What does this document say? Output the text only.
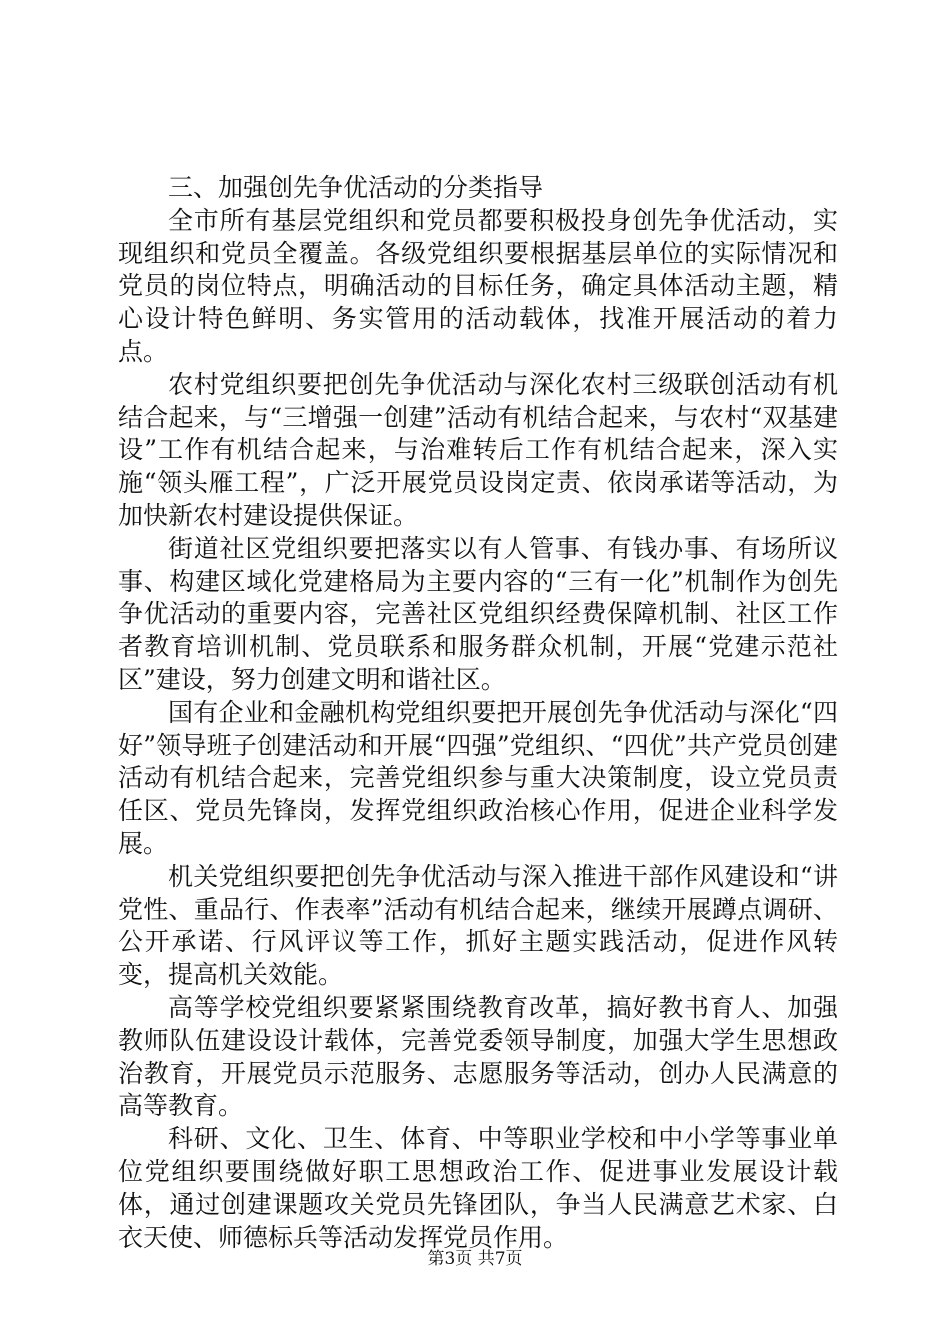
三、加强创先争优活动的分类指导

全市所有基层党组织和党员都要积极投身创先争优活动，实现组织和党员全覆盖。各级党组织要根据基层单位的实际情况和党员的岗位特点，明确活动的目标任务，确定具体活动主题，精心设计特色鲜明、务实管用的活动载体，找准开展活动的着力点。

农村党组织要把创先争优活动与深化农村三级联创活动有机结合起来，与“三增强一创建”活动有机结合起来，与农村“双基建设”工作有机结合起来，与治难转后工作有机结合起来，深入实施“领头雁工程”，广泛开展党员设岗定责、依岗承诺等活动，为加快新农村建设提供保证。

街道社区党组织要把落实以有人管事、有钱办事、有场所议事、构建区域化党建格局为主要内容的“三有一化”机制作为创先争优活动的重要内容，完善社区党组织经费保障机制、社区工作者教育培训机制、党员联系和服务群众机制，开展“党建示范社区”建设，努力创建文明和谐社区。

国有企业和金融机构党组织要把开展创先争优活动与深化“四好”领导班子创建活动和开展“四强”党组织、“四优”共产党员创建活动有机结合起来，完善党组织参与重大决策制度，设立党员责任区、党员先锋岗，发挥党组织政治核心作用，促进企业科学发展。

机关党组织要把创先争优活动与深入推进干部作风建设和“讲党性、重品行、作表率”活动有机结合起来，继续开展蹲点调研、公开承诺、行风评议等工作，抓好主题实践活动，促进作风转变，提高机关效能。

高等学校党组织要紧紧围绕教育改革，搞好教书育人、加强教师队伍建设设计载体，完善党委领导制度，加强大学生思想政治教育，开展党员示范服务、志愿服务等活动，创办人民满意的高等教育。

科研、文化、卫生、体育、中等职业学校和中小学等事业单位党组织要围绕做好职工思想政治工作、促进事业发展设计载体，通过创建课题攻关党员先锋团队，争当人民满意艺术家、白衣天使、师德标兵等活动发挥党员作用。

第3页 共7页
